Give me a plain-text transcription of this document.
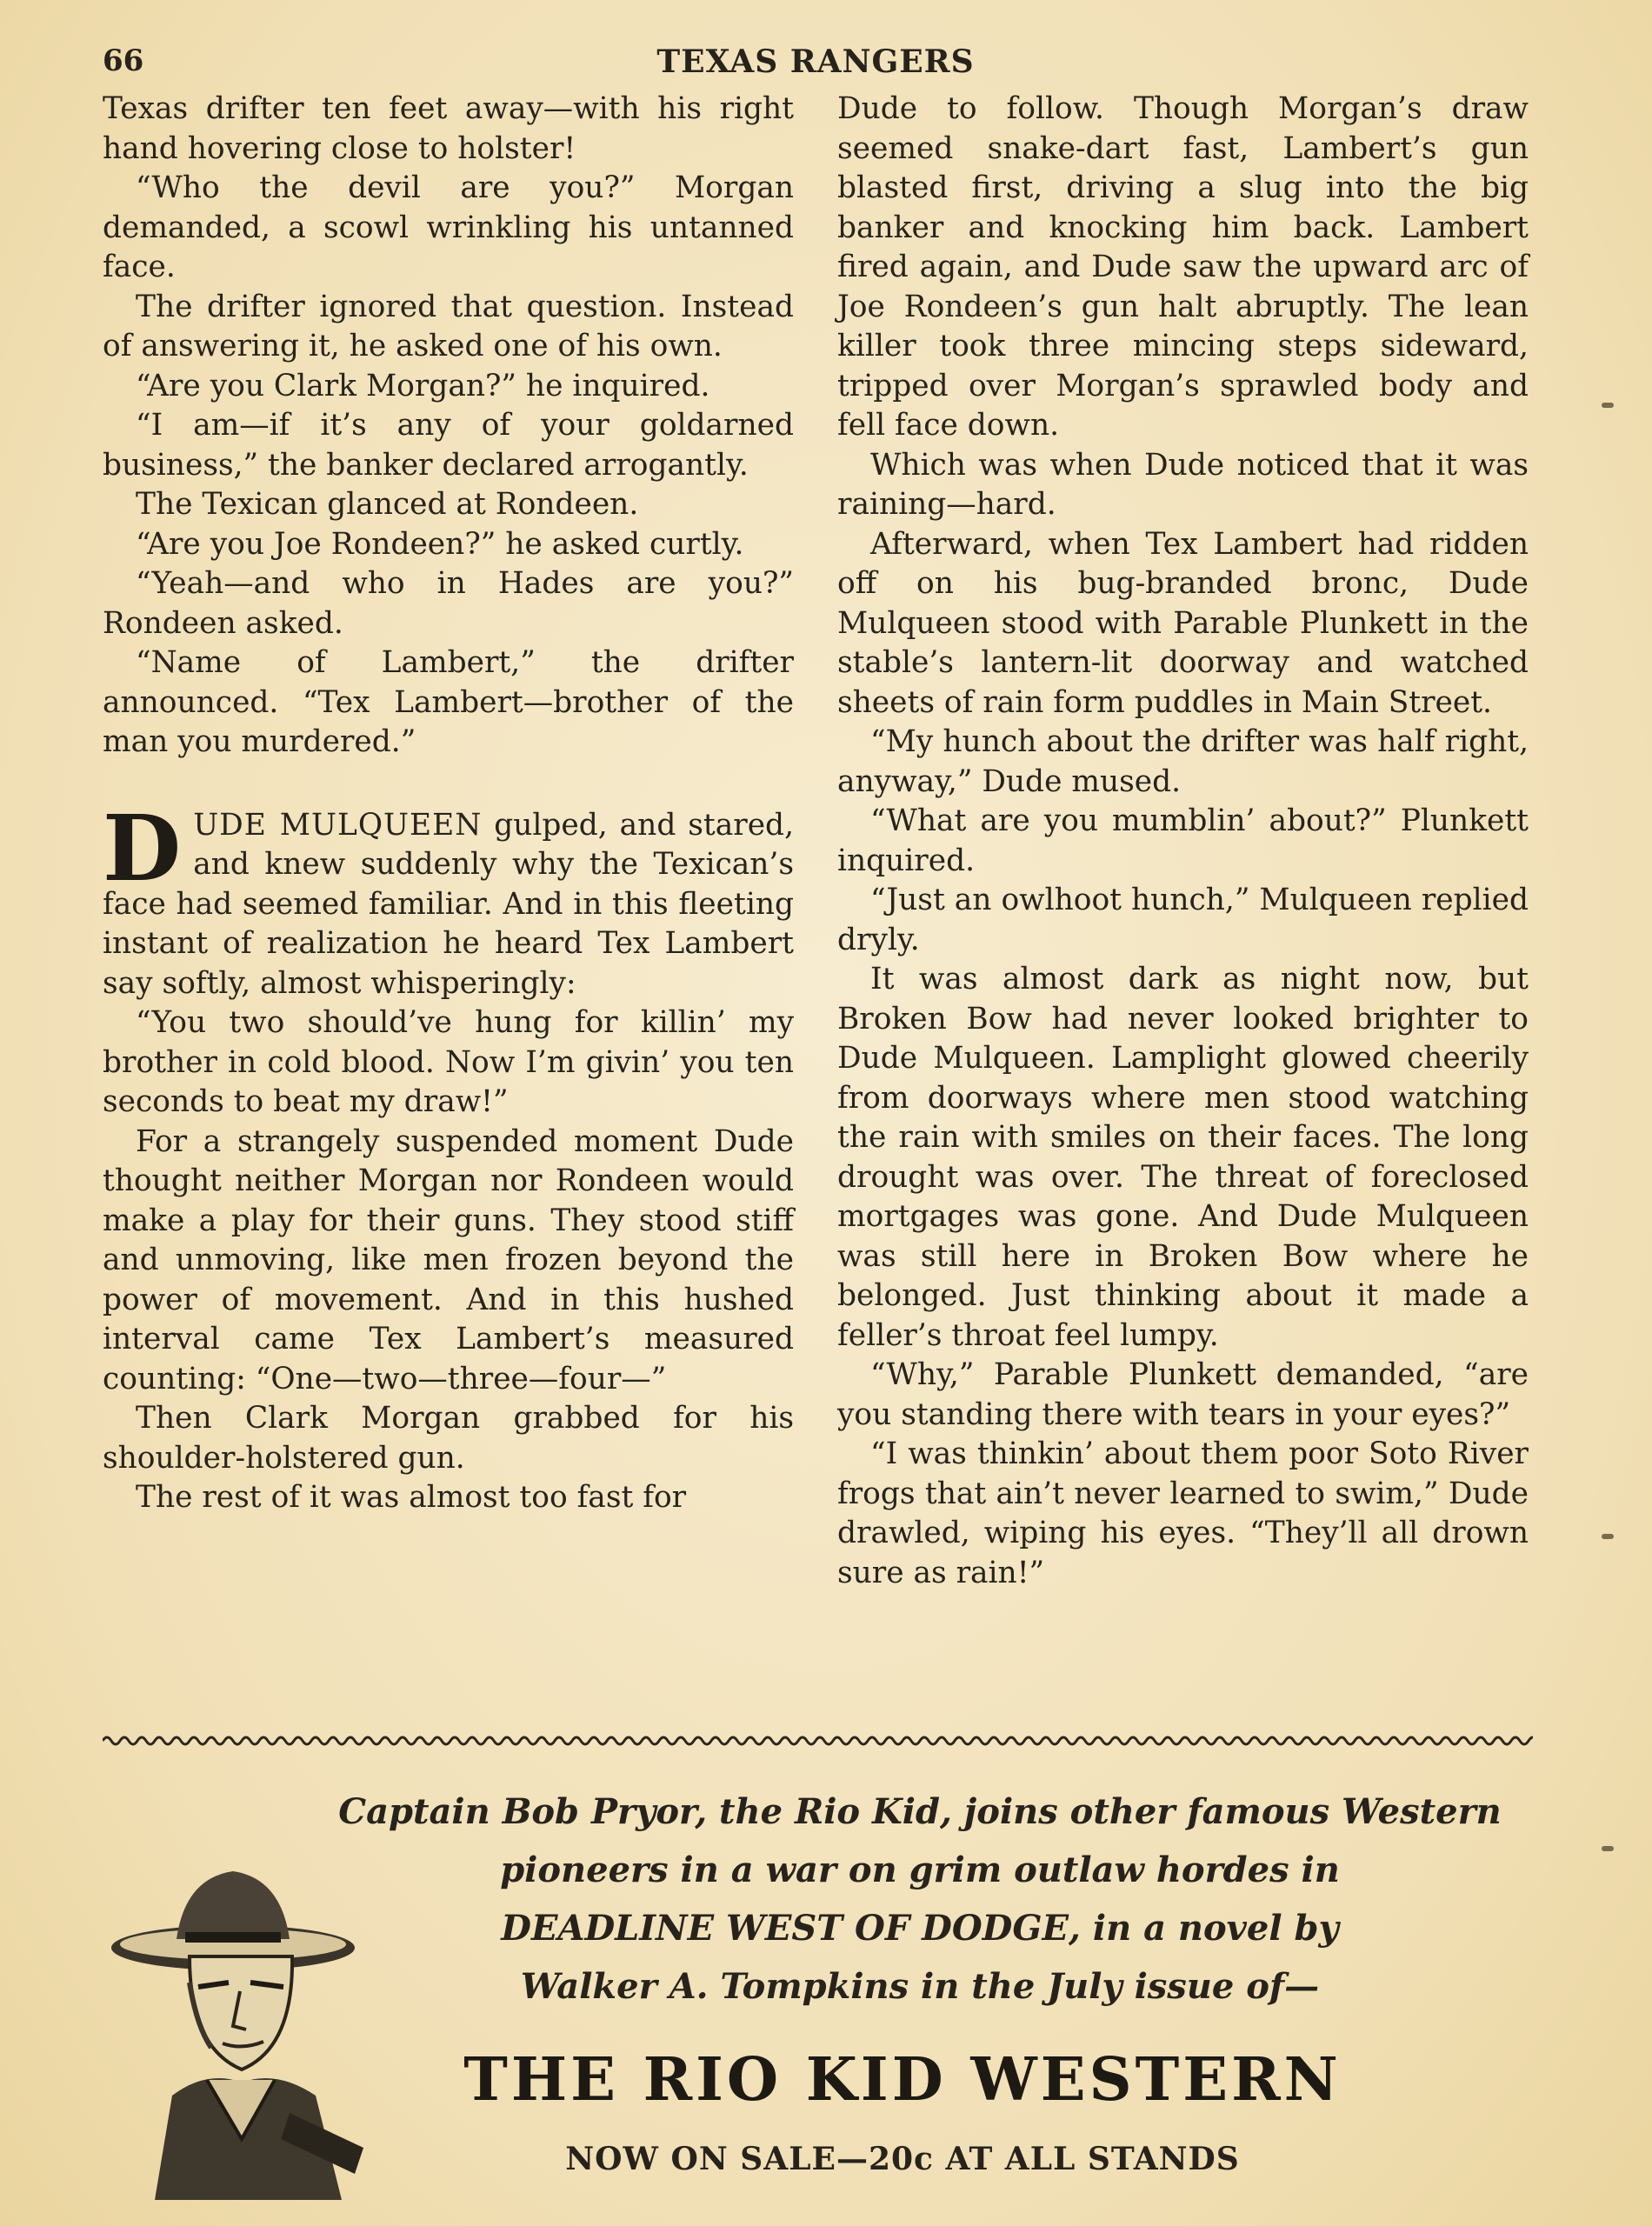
66	TEXAS RANGERS

Texas drifter ten feet away—with his right hand hovering close to holster!

“Who the devil are you?” Morgan demanded, a scowl wrinkling his untanned face.

The drifter ignored that question. Instead of answering it, he asked one of his own.

“Are you Clark Morgan?” he inquired.

“I am—if it’s any of your goldarned business,” the banker declared arrogantly.

The Texican glanced at Rondeen.

“Are you Joe Rondeen?” he asked curtly.

“Yeah—and who in Hades are you?” Rondeen asked.

“Name of Lambert,” the drifter announced. “Tex Lambert—brother of the man you murdered.”

DUDE MULQUEEN gulped, and stared, and knew suddenly why the Texican’s face had seemed familiar. And in this fleeting instant of realization he heard Tex Lambert say softly, almost whisperingly:

“You two should’ve hung for killin’ my brother in cold blood. Now I’m givin’ you ten seconds to beat my draw!”

For a strangely suspended moment Dude thought neither Morgan nor Rondeen would make a play for their guns. They stood stiff and unmoving, like men frozen beyond the power of movement. And in this hushed interval came Tex Lambert’s measured counting: “One—two—three—four—”

Then Clark Morgan grabbed for his shoulder-holstered gun.

The rest of it was almost too fast for

Dude to follow. Though Morgan’s draw seemed snake-dart fast, Lambert’s gun blasted first, driving a slug into the big banker and knocking him back. Lambert fired again, and Dude saw the upward arc of Joe Rondeen’s gun halt abruptly. The lean killer took three mincing steps sideward, tripped over Morgan’s sprawled body and fell face down.

Which was when Dude noticed that it was raining—hard.

Afterward, when Tex Lambert had ridden off on his bug-branded bronc, Dude Mulqueen stood with Parable Plunkett in the stable’s lantern-lit doorway and watched sheets of rain form puddles in Main Street.

“My hunch about the drifter was half right, anyway,” Dude mused.

“What are you mumblin’ about?” Plunkett inquired.

“Just an owlhoot hunch,” Mulqueen replied dryly.

It was almost dark as night now, but Broken Bow had never looked brighter to Dude Mulqueen. Lamplight glowed cheerily from doorways where men stood watching the rain with smiles on their faces. The long drought was over. The threat of foreclosed mortgages was gone. And Dude Mulqueen was still here in Broken Bow where he belonged. Just thinking about it made a feller’s throat feel lumpy.

“Why,” Parable Plunkett demanded, “are you standing there with tears in your eyes?”

“I was thinkin’ about them poor Soto River frogs that ain’t never learned to swim,” Dude drawled, wiping his eyes. “They’ll all drown sure as rain!”

Captain Bob Pryor, the Rio Kid, joins other famous Western
pioneers in a war on grim outlaw hordes in
DEADLINE WEST OF DODGE, in a novel by
Walker A. Tompkins in the July issue of—
THE RIO KID WESTERN
NOW ON SALE—20c AT ALL STANDS
